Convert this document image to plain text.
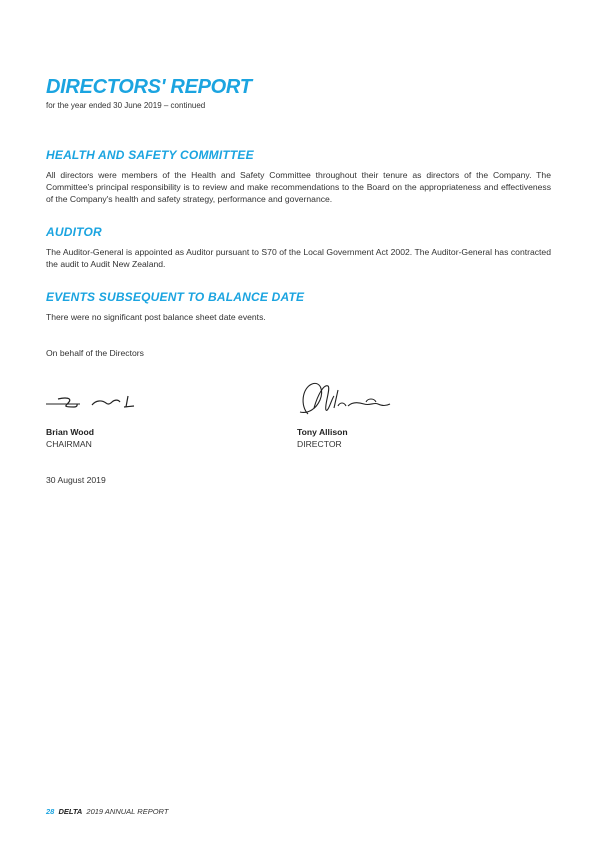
DIRECTORS' REPORT
for the year ended 30 June 2019 – continued
HEALTH AND SAFETY COMMITTEE
All directors were members of the Health and Safety Committee throughout their tenure as directors of the Company. The Committee's principal responsibility is to review and make recommendations to the Board on the appropriateness and effectiveness of the Company's health and safety strategy, performance and governance.
AUDITOR
The Auditor-General is appointed as Auditor pursuant to S70 of the Local Government Act 2002. The Auditor-General has contracted the audit to Audit New Zealand.
EVENTS SUBSEQUENT TO BALANCE DATE
There were no significant post balance sheet date events.
On behalf of the Directors
Brian Wood
CHAIRMAN
Tony Allison
DIRECTOR
30 August 2019
28 DELTA 2019 ANNUAL REPORT
